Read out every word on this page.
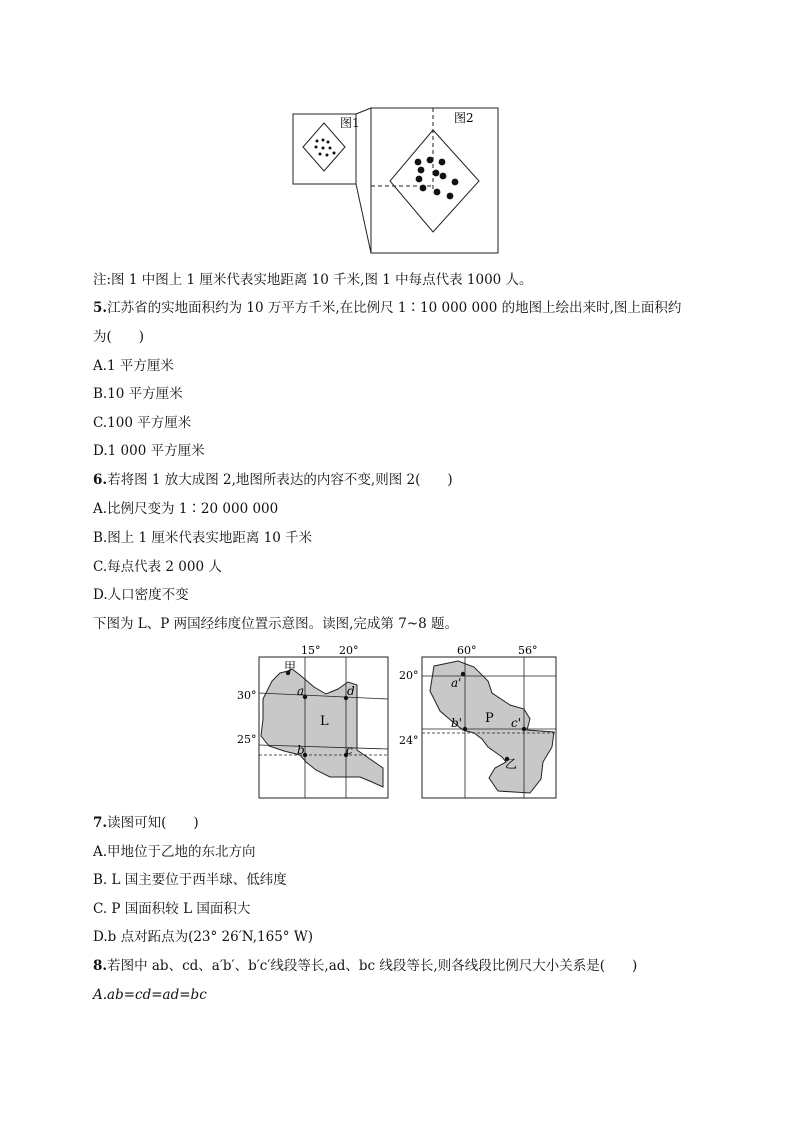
图1	图2
注:图 1 中图上 1 厘米代表实地距离 10 千米,图 1 中每点代表 1000 人。
5.江苏省的实地面积约为 10 万平方千米,在比例尺 1∶10 000 000 的地图上绘出来时,图上面积约
为(　　)
A.1 平方厘米
B.10 平方厘米
C.100 平方厘米
D.1 000 平方厘米
6.若将图 1 放大成图 2,地图所表达的内容不变,则图 2(　　)
A.比例尺变为 1∶20 000 000
B.图上 1 厘米代表实地距离 10 千米
C.每点代表 2 000 人
D.人口密度不变
下图为 L、P 两国经纬度位置示意图。读图,完成第 7~8 题。
15° 20°
30°
25°
甲
a	d
b	c
L
60°	56°
20°
24°
a'
b'	c'
乙
P
7.读图可知(　　)
A.甲地位于乙地的东北方向
B. L 国主要位于西半球、低纬度
C. P 国面积较 L 国面积大
D.b 点对跖点为(23° 26′N,165° W)
8.若图中 ab、cd、a′b′、b′c′线段等长,ad、bc 线段等长,则各线段比例尺大小关系是(　　)
A.ab=cd=ad=bc
